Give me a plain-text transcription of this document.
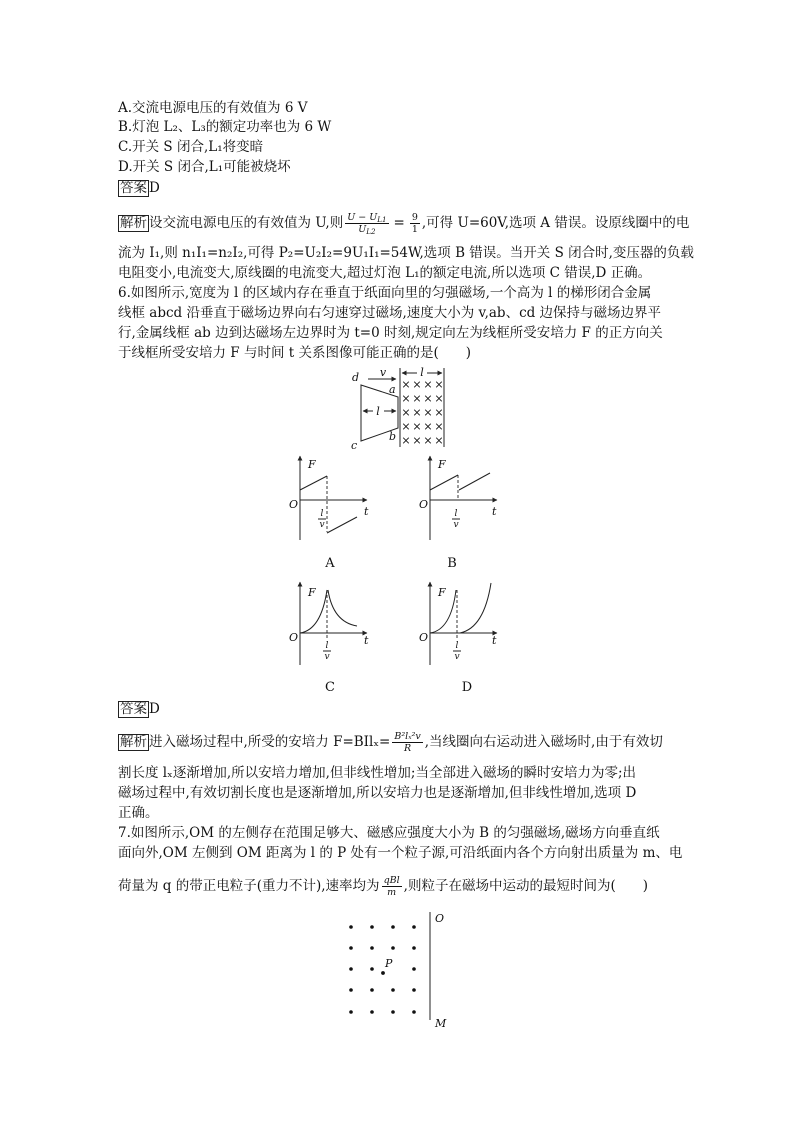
A.交流电源电压的有效值为 6 V
B.灯泡 L₂、L₃的额定功率也为 6 W
C.开关 S 闭合,L₁将变暗
D.开关 S 闭合,L₁可能被烧坏
答案 D
解析 设交流电源电压的有效值为 U,则 $\frac{U - U_{L1}}{U_{L2}} = \frac{9}{1}$ ,可得 U=60V,选项 A 错误。设原线圈中的电
流为 I₁,则 n₁I₁=n₂I₂,可得 P₂=U₂I₂=9U₁I₁=54W,选项 B 错误。当开关 S 闭合时,变压器的负载
电阻变小,电流变大,原线圈的电流变大,超过灯泡 L₁的额定电流,所以选项 C 错误,D 正确。
6.如图所示,宽度为 l 的区域内存在垂直于纸面向里的匀强磁场,一个高为 l 的梯形闭合金属
线框 abcd 沿垂直于磁场边界向右匀速穿过磁场,速度大小为 v,ab、cd 边保持与磁场边界平
行,金属线框 ab 边到达磁场左边界时为 t=0 时刻,规定向左为线框所受安培力 F 的正方向关
于线框所受安培力 F 与时间 t 关系图像可能正确的是(　　)
l
× × × ×
× × × ×
× × × ×
× × × ×
× × × ×
d
c
a
b
v
l
F
O
t
l
v
A
F
O
t
l
v
B
F
O	t
l
v
C
F
O	t
l
v
D
答案 D
解析 进入磁场过程中,所受的安培力 $F=BIl_x= \frac{\text{B²lₓ²v}}{R}$ ,当线圈向右运动进入磁场时,由于有效切
割长度 lₓ逐渐增加,所以安培力增加,但非线性增加;当全部进入磁场的瞬时安培力为零;出
磁场过程中,有效切割长度也是逐渐增加,所以安培力也是逐渐增加,但非线性增加,选项 D
正确。
7.如图所示,OM 的左侧存在范围足够大、磁感应强度大小为 B 的匀强磁场,磁场方向垂直纸
面向外,OM 左侧到 OM 距离为 l 的 P 处有一个粒子源,可沿纸面内各个方向射出质量为 m、电
荷量为 q 的带正电粒子(重力不计),速率均为 $\frac{\text{qBl}}{m}$ ,则粒子在磁场中运动的最短时间为(　　)
P
O
M
